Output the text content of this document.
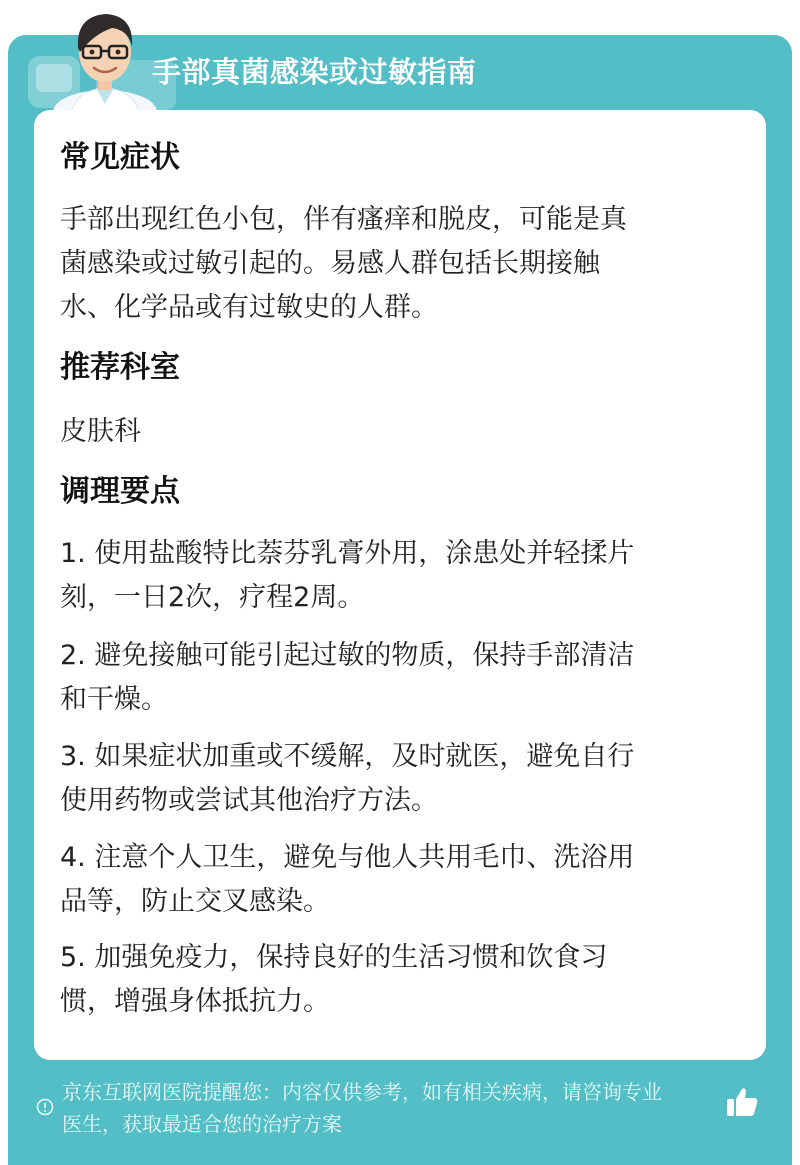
手部真菌感染或过敏指南
常见症状
手部出现红色小包，伴有瘙痒和脱皮，可能是真
菌感染或过敏引起的。易感人群包括长期接触
水、化学品或有过敏史的人群。
推荐科室
皮肤科
调理要点
1. 使用盐酸特比萘芬乳膏外用，涂患处并轻揉片
刻，一日2次，疗程2周。
2. 避免接触可能引起过敏的物质，保持手部清洁
和干燥。
3. 如果症状加重或不缓解，及时就医，避免自行
使用药物或尝试其他治疗方法。
4. 注意个人卫生，避免与他人共用毛巾、洗浴用
品等，防止交叉感染。
5. 加强免疫力，保持良好的生活习惯和饮食习
惯，增强身体抵抗力。
京东互联网医院提醒您：内容仅供参考，如有相关疾病，请咨询专业
医生，获取最适合您的治疗方案
